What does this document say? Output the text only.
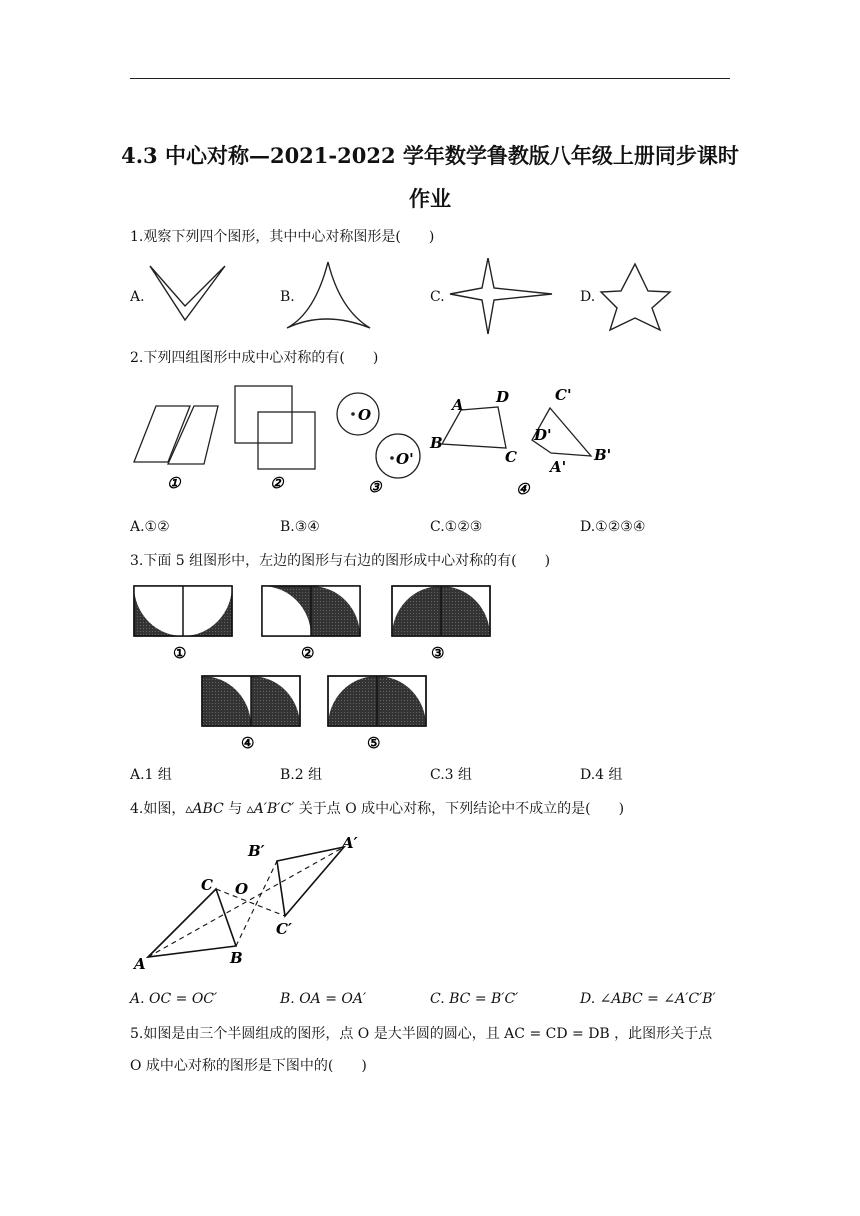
4.3 中心对称—2021-2022 学年数学鲁教版八年级上册同步课时
作业
1.观察下列四个图形，其中中心对称图形是(　　)
A.	B.	C.	D.
2.下列四组图形中成中心对称的有(　　)
①	②
O
O'
③
A D
B
C
C'
D'
A'
B'
④
A.①②	B.③④	C.①②③	D.①②③④
3.下面 5 组图形中，左边的图形与右边的图形成中心对称的有(　　)
①	②	③
④	⑤
A.1 组	B.2 组	C.3 组	D.4 组
4.如图，▵ABC 与 ▵A′B′C′ 关于点 O 成中心对称，下列结论中不成立的是(　　)
A	B
C O
B′	A′
C′
A. OC = OC′	B. OA = OA′	C. BC = B′C′	D. ∠ABC = ∠A′C′B′
5.如图是由三个半圆组成的图形，点 O 是大半圆的圆心，且 AC = CD = DB ，此图形关于点
O 成中心对称的图形是下图中的(　　)
